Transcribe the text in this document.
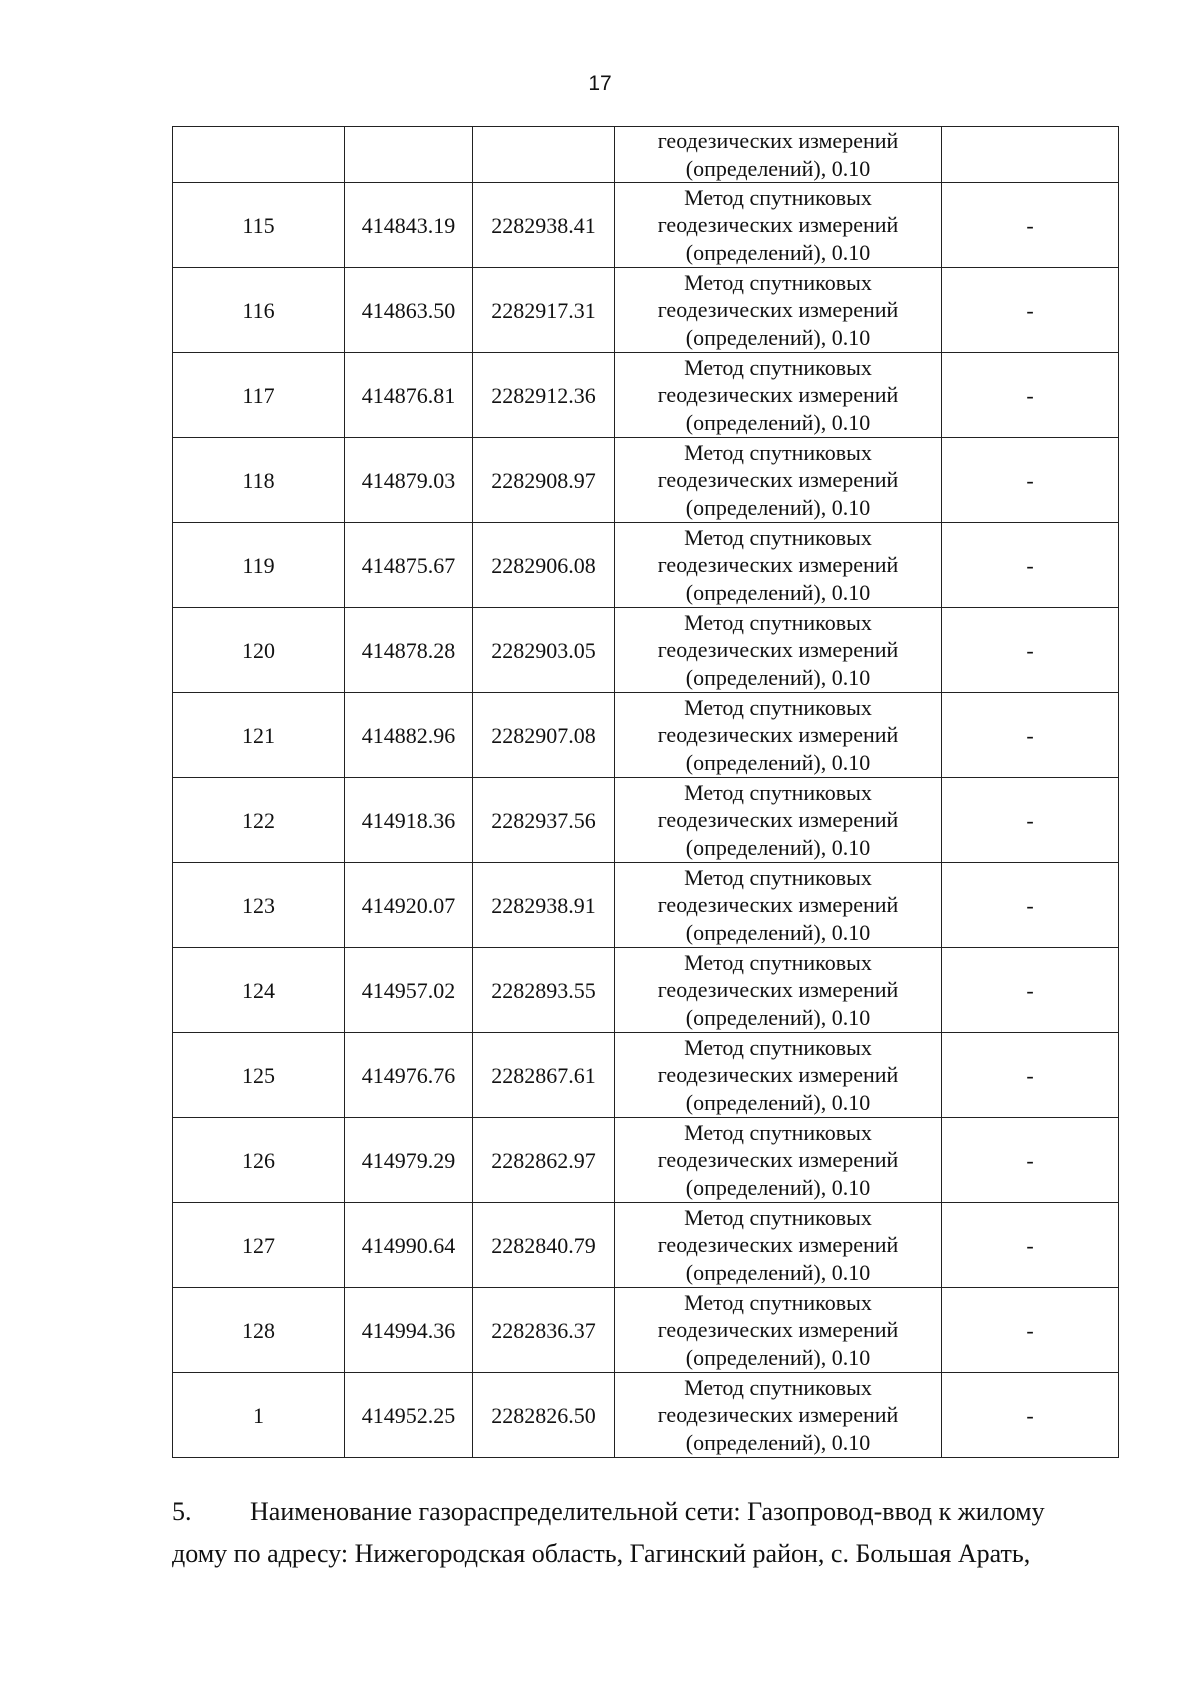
17

			геодезических измерений
(определений), 0.10	

115	414843.19	2282938.41	Метод спутниковых
геодезических измерений
(определений), 0.10	-
116	414863.50	2282917.31	Метод спутниковых
геодезических измерений
(определений), 0.10	-
117	414876.81	2282912.36	Метод спутниковых
геодезических измерений
(определений), 0.10	-
118	414879.03	2282908.97	Метод спутниковых
геодезических измерений
(определений), 0.10	-
119	414875.67	2282906.08	Метод спутниковых
геодезических измерений
(определений), 0.10	-
120	414878.28	2282903.05	Метод спутниковых
геодезических измерений
(определений), 0.10	-
121	414882.96	2282907.08	Метод спутниковых
геодезических измерений
(определений), 0.10	-
122	414918.36	2282937.56	Метод спутниковых
геодезических измерений
(определений), 0.10	-
123	414920.07	2282938.91	Метод спутниковых
геодезических измерений
(определений), 0.10	-
124	414957.02	2282893.55	Метод спутниковых
геодезических измерений
(определений), 0.10	-
125	414976.76	2282867.61	Метод спутниковых
геодезических измерений
(определений), 0.10	-
126	414979.29	2282862.97	Метод спутниковых
геодезических измерений
(определений), 0.10	-
127	414990.64	2282840.79	Метод спутниковых
геодезических измерений
(определений), 0.10	-
128	414994.36	2282836.37	Метод спутниковых
геодезических измерений
(определений), 0.10	-
1	414952.25	2282826.50	Метод спутниковых
геодезических измерений
(определений), 0.10	-
5. Наименование газораспределительной сети: Газопровод-ввод к жилому
дому по адресу: Нижегородская область, Гагинский район, с. Большая Арать,
